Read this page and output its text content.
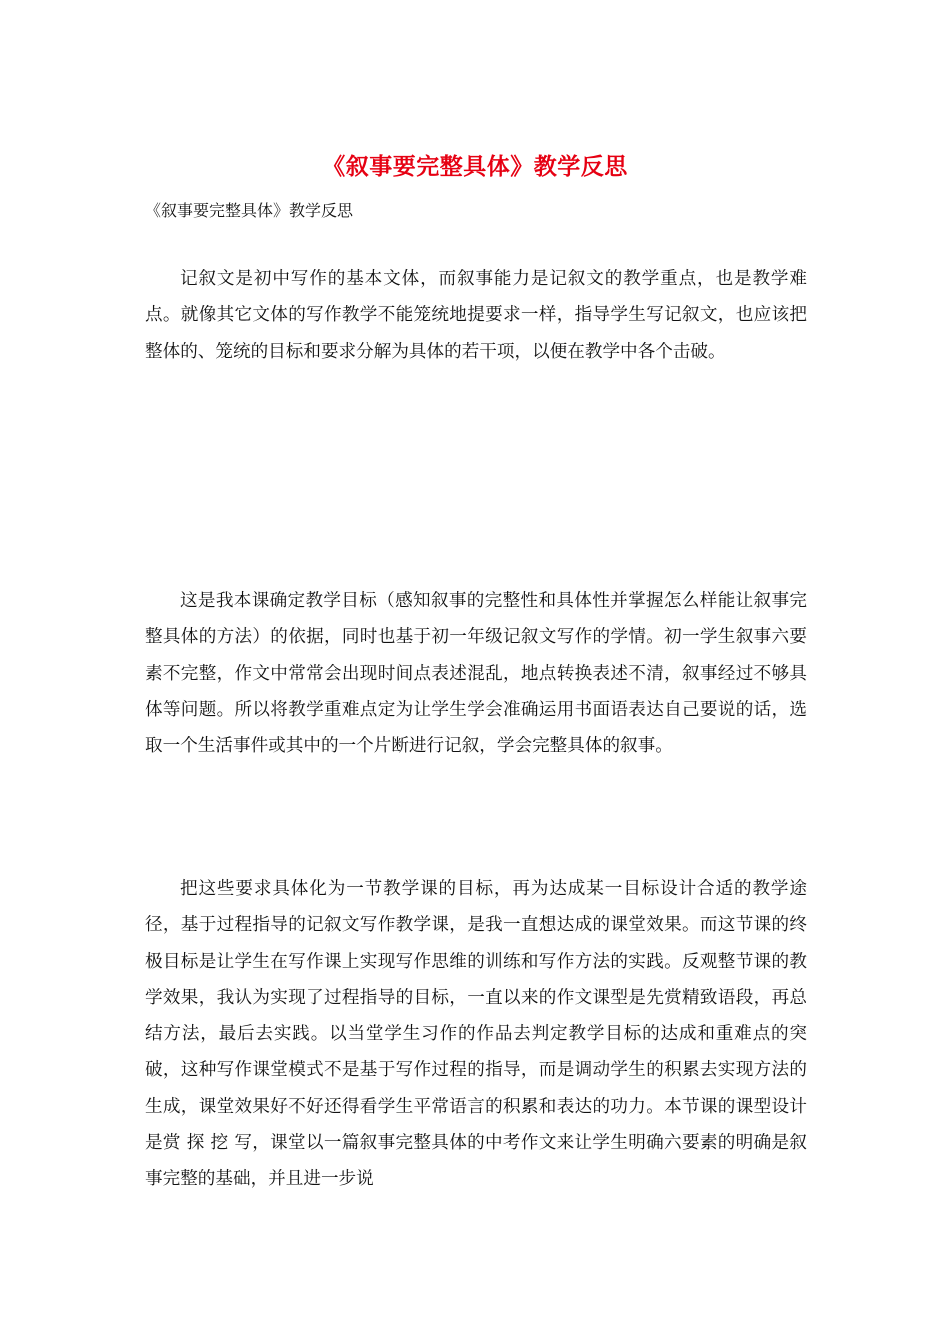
《叙事要完整具体》教学反思
《叙事要完整具体》教学反思

记叙文是初中写作的基本文体，而叙事能力是记叙文的教学重点，也是教学难点。就像其它文体的写作教学不能笼统地提要求一样，指导学生写记叙文，也应该把整体的、笼统的目标和要求分解为具体的若干项，以便在教学中各个击破。

这是我本课确定教学目标（感知叙事的完整性和具体性并掌握怎么样能让叙事完整具体的方法）的依据，同时也基于初一年级记叙文写作的学情。初一学生叙事六要素不完整，作文中常常会出现时间点表述混乱，地点转换表述不清，叙事经过不够具体等问题。所以将教学重难点定为让学生学会准确运用书面语表达自己要说的话，选取一个生活事件或其中的一个片断进行记叙，学会完整具体的叙事。

把这些要求具体化为一节教学课的目标，再为达成某一目标设计合适的教学途径，基于过程指导的记叙文写作教学课，是我一直想达成的课堂效果。而这节课的终极目标是让学生在写作课上实现写作思维的训练和写作方法的实践。反观整节课的教学效果，我认为实现了过程指导的目标，一直以来的作文课型是先赏精致语段，再总结方法，最后去实践。以当堂学生习作的作品去判定教学目标的达成和重难点的突破，这种写作课堂模式不是基于写作过程的指导，而是调动学生的积累去实现方法的生成，课堂效果好不好还得看学生平常语言的积累和表达的功力。本节课的课型设计是赏 探 挖 写，课堂以一篇叙事完整具体的中考作文来让学生明确六要素的明确是叙事完整的基础，并且进一步说
